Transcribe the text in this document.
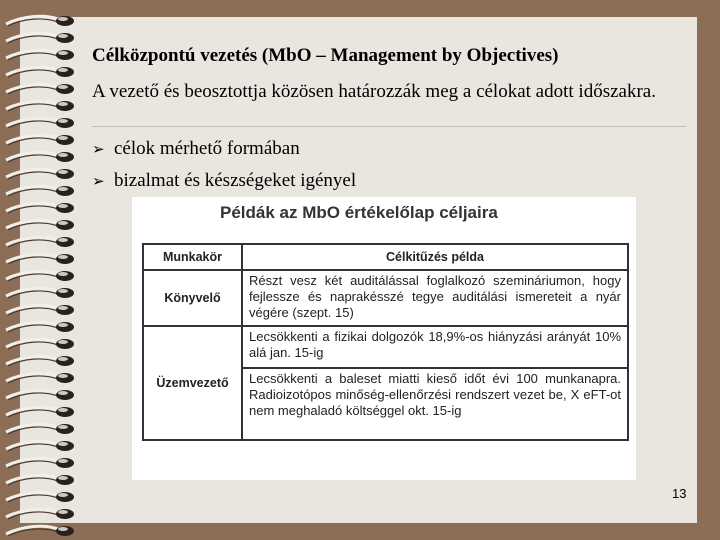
Célközpontú vezetés (MbO – Management by Objectives)
A vezető és beosztottja közösen határozzák meg a célokat adott időszakra.
➢ célok mérhető formában
➢ bizalmat és készségeket igényel
Példák az MbO értékelőlap céljaira
Munkakör	Célkitűzés példa
Könyvelő	Részt vesz két auditálással foglalkozó szemináriumon, hogy fejlessze és naprakésszé tegye auditálási ismereteit a nyár végére (szept. 15)
Üzemvezető	Lecsökkenti a fizikai dolgozók 18,9%-os hiányzási arányát 10% alá jan. 15-ig
	Lecsökkenti a baleset miatti kieső időt évi 100 munkanapra. Radioizotópos minőség-ellenőrzési rendszert vezet be, X eFT-ot nem meghaladó költséggel okt. 15-ig
13
